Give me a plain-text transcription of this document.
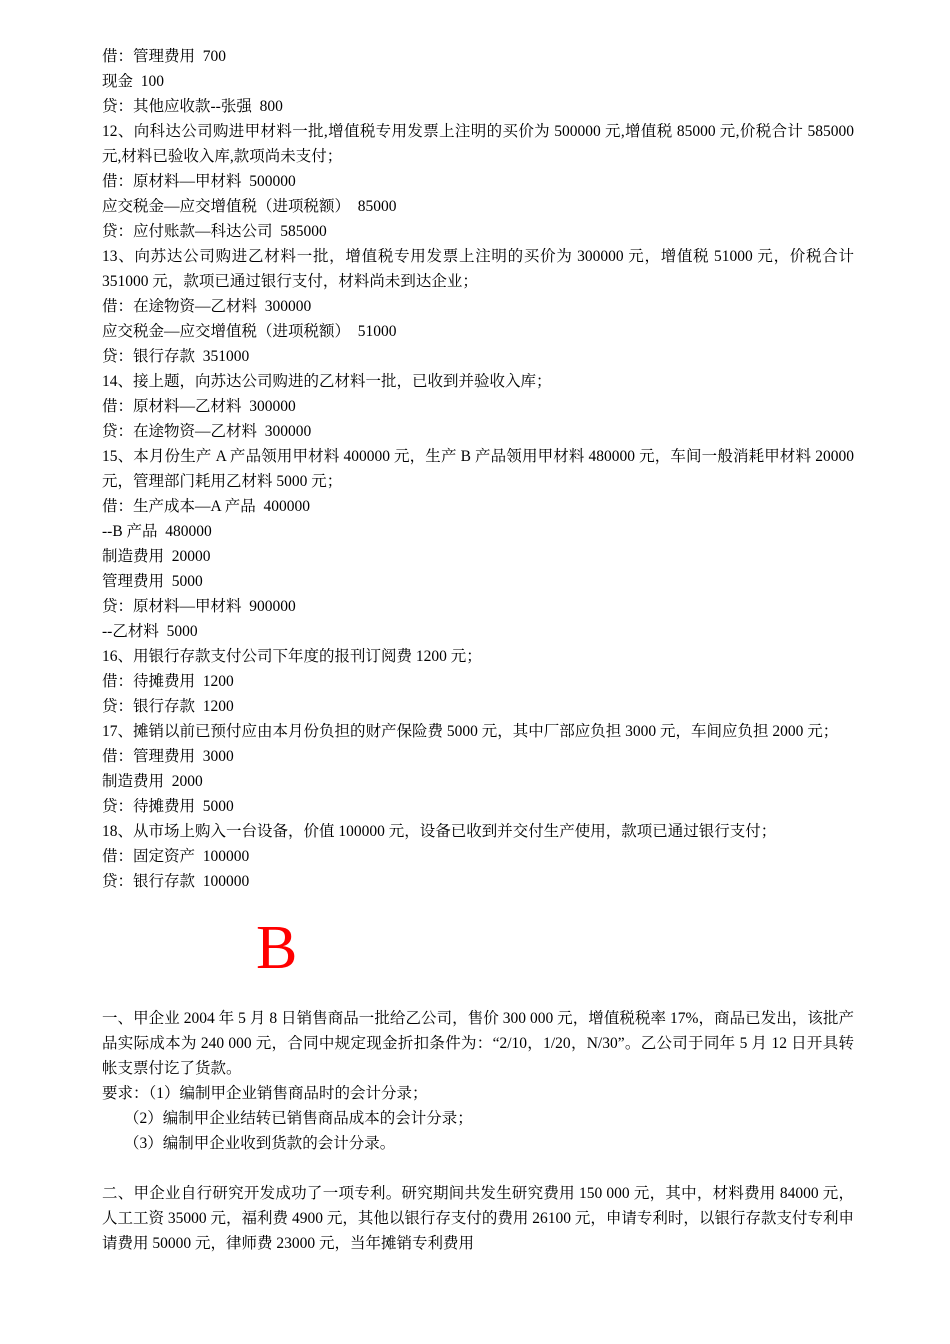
借：管理费用  700

现金  100

贷：其他应收款--张强  800

12、向科达公司购进甲材料一批,增值税专用发票上注明的买价为 500000 元,增值税 85000 元,价税合计 585000 元,材料已验收入库,款项尚未支付；

借：原材料—甲材料  500000

应交税金—应交增值税（进项税额）  85000

贷：应付账款—科达公司  585000

13、向苏达公司购进乙材料一批，增值税专用发票上注明的买价为 300000 元，增值税 51000 元，价税合计 351000 元，款项已通过银行支付，材料尚未到达企业；

借：在途物资—乙材料  300000

应交税金—应交增值税（进项税额）  51000

贷：银行存款  351000

14、接上题，向苏达公司购进的乙材料一批，已收到并验收入库；

借：原材料—乙材料  300000

贷：在途物资—乙材料  300000

15、本月份生产 A 产品领用甲材料 400000 元，生产 B 产品领用甲材料 480000 元，车间一般消耗甲材料 20000 元，管理部门耗用乙材料 5000 元；

借：生产成本—A 产品  400000

--B 产品  480000

制造费用  20000

管理费用  5000

贷：原材料—甲材料  900000

--乙材料  5000

16、用银行存款支付公司下年度的报刊订阅费 1200 元；

借：待摊费用  1200

贷：银行存款  1200

17、摊销以前已预付应由本月份负担的财产保险费 5000 元，其中厂部应负担 3000 元，车间应负担 2000 元；

借：管理费用  3000

制造费用  2000

贷：待摊费用  5000

18、从市场上购入一台设备，价值 100000 元，设备已收到并交付生产使用，款项已通过银行支付；

借：固定资产  100000

贷：银行存款  100000

B

一、甲企业 2004 年 5 月 8 日销售商品一批给乙公司，售价 300 000 元，增值税税率 17%，商品已发出，该批产品实际成本为 240 000 元，合同中规定现金折扣条件为：“2/10，1/20，N/30”。乙公司于同年 5 月 12 日开具转帐支票付讫了货款。

要求：（1）编制甲企业销售商品时的会计分录；

（2）编制甲企业结转已销售商品成本的会计分录；

（3）编制甲企业收到货款的会计分录。

二、甲企业自行研究开发成功了一项专利。研究期间共发生研究费用 150 000 元，其中，材料费用 84000 元，人工工资 35000 元，福利费 4900 元，其他以银行存支付的费用 26100 元，申请专利时，以银行存款支付专利申请费用 50000 元，律师费 23000 元，当年摊销专利费用
